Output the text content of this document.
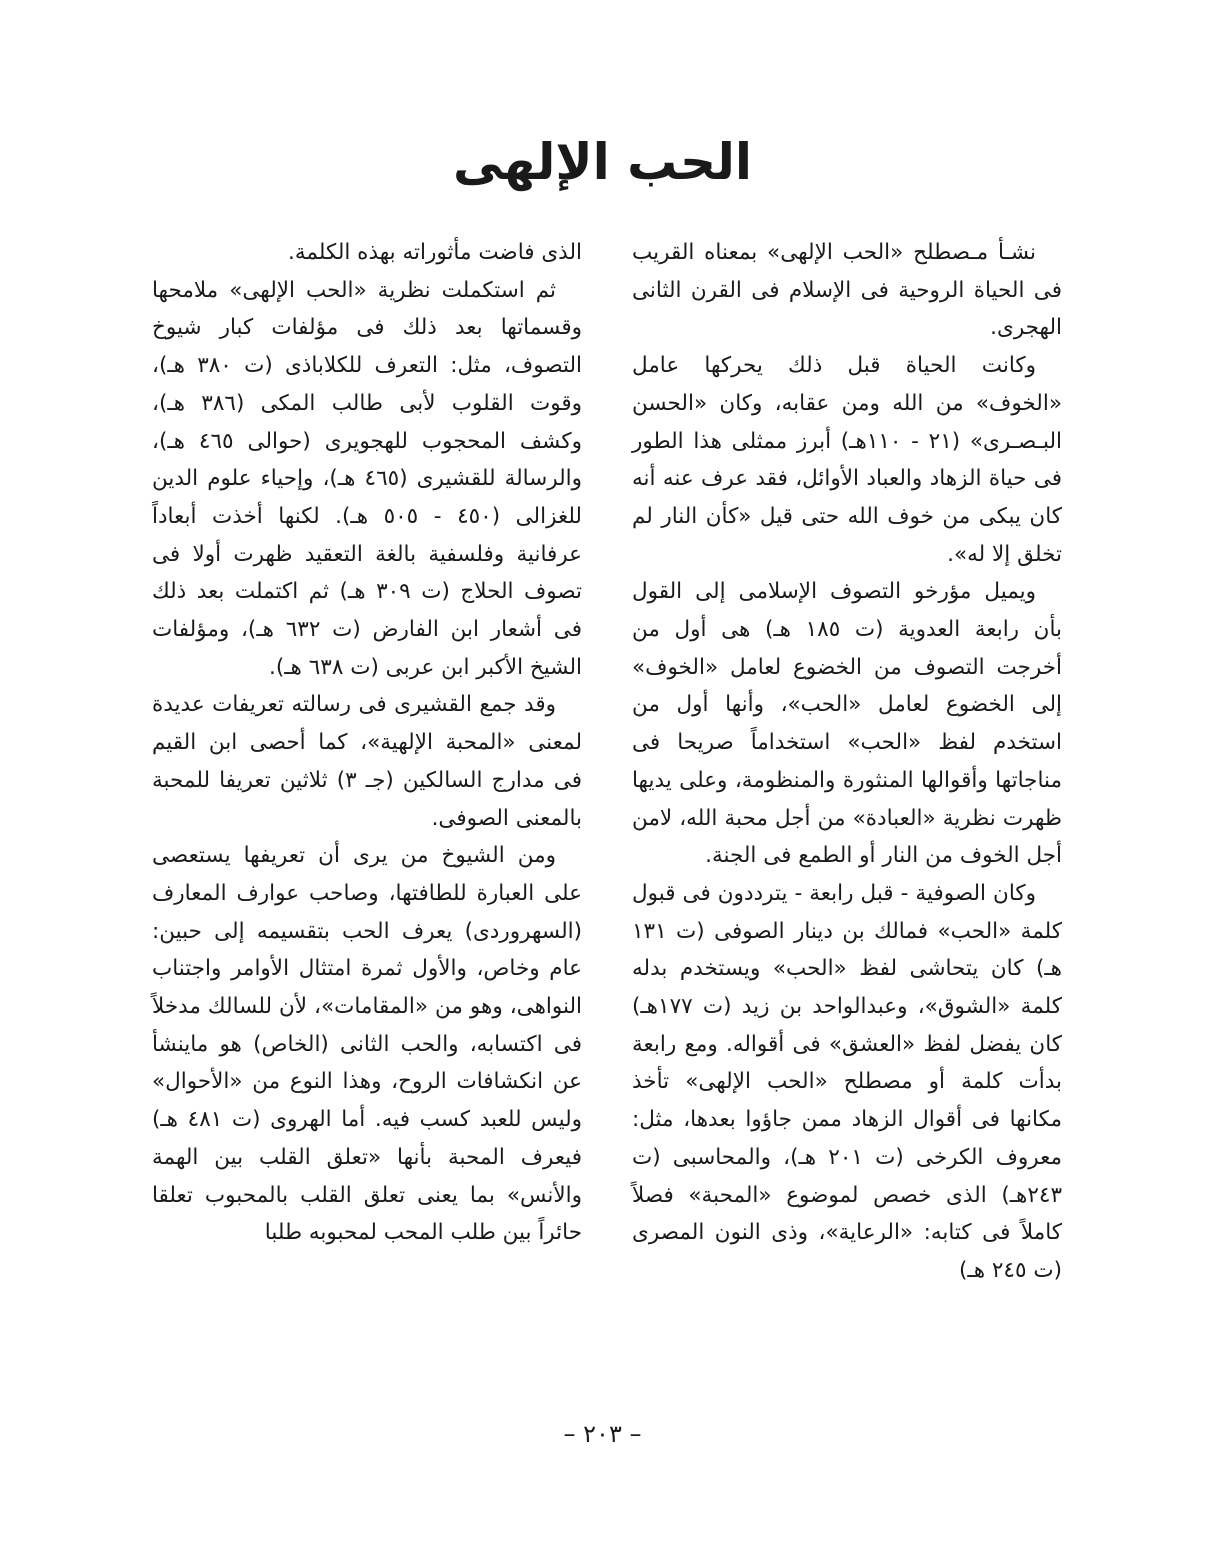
الحب الإلهى

نشـأ مـصطلح «الحب الإلهى» بمعناه القريب فى الحياة الروحية فى الإسلام فى القرن الثانى الهجرى.

وكانت الحياة قبل ذلك يحركها عامل «الخوف» من الله ومن عقابه، وكان «الحسن البـصـرى» (٢١ - ١١٠هـ) أبرز ممثلى هذا الطور فى حياة الزهاد والعباد الأوائل، فقد عرف عنه أنه كان يبكى من خوف الله حتى قيل «كأن النار لم تخلق إلا له».

ويميل مؤرخو التصوف الإسلامى إلى القول بأن رابعة العدوية (ت ١٨٥ هـ) هى أول من أخرجت التصوف من الخضوع لعامل «الخوف» إلى الخضوع لعامل «الحب»، وأنها أول من استخدم لفظ «الحب» استخداماً صريحا فى مناجاتها وأقوالها المنثورة والمنظومة، وعلى يديها ظهرت نظرية «العبادة» من أجل محبة الله، لامن أجل الخوف من النار أو الطمع فى الجنة.

وكان الصوفية - قبل رابعة - يترددون فى قبول كلمة «الحب» فمالك بن دينار الصوفى (ت ١٣١ هـ) كان يتحاشى لفظ «الحب» ويستخدم بدله كلمة «الشوق»، وعبدالواحد بن زيد (ت ١٧٧هـ) كان يفضل لفظ «العشق» فى أقواله. ومع رابعة بدأت كلمة أو مصطلح «الحب الإلهى» تأخذ مكانها فى أقوال الزهاد ممن جاؤوا بعدها، مثل: معروف الكرخى (ت ٢٠١ هـ)، والمحاسبى (ت ٢٤٣هـ) الذى خصص لموضوع «المحبة» فصلاً كاملاً فى كتابه: «الرعاية»، وذى النون المصرى (ت ٢٤٥ هـ)

الذى فاضت مأثوراته بهذه الكلمة.

ثم استكملت نظرية «الحب الإلهى» ملامحها وقسماتها بعد ذلك فى مؤلفات كبار شيوخ التصوف، مثل: التعرف للكلاباذى (ت ٣٨٠ هـ)، وقوت القلوب لأبى طالب المكى (٣٨٦ هـ)، وكشف المحجوب للهجويرى (حوالى ٤٦٥ هـ)، والرسالة للقشيرى (٤٦٥ هـ)، وإحياء علوم الدين للغزالى (٤٥٠ - ٥٠٥ هـ). لكنها أخذت أبعاداً عرفانية وفلسفية بالغة التعقيد ظهرت أولا فى تصوف الحلاج (ت ٣٠٩ هـ) ثم اكتملت بعد ذلك فى أشعار ابن الفارض (ت ٦٣٢ هـ)، ومؤلفات الشيخ الأكبر ابن عربى (ت ٦٣٨ هـ).

وقد جمع القشيرى فى رسالته تعريفات عديدة لمعنى «المحبة الإلهية»، كما أحصى ابن القيم فى مدارج السالكين (جـ ٣) ثلاثين تعريفا للمحبة بالمعنى الصوفى.

ومن الشيوخ من يرى أن تعريفها يستعصى على العبارة للطافتها، وصاحب عوارف المعارف (السهروردى) يعرف الحب بتقسيمه إلى حبين: عام وخاص، والأول ثمرة امتثال الأوامر واجتناب النواهى، وهو من «المقامات»، لأن للسالك مدخلاً فى اكتسابه، والحب الثانى (الخاص) هو ماينشأ عن انكشافات الروح، وهذا النوع من «الأحوال» وليس للعبد كسب فيه. أما الهروى (ت ٤٨١ هـ) فيعرف المحبة بأنها «تعلق القلب بين الهمة والأنس» بما يعنى تعلق القلب بالمحبوب تعلقا حائراً بين طلب المحب لمحبوبه طلبا

– ٢٠٣ –
